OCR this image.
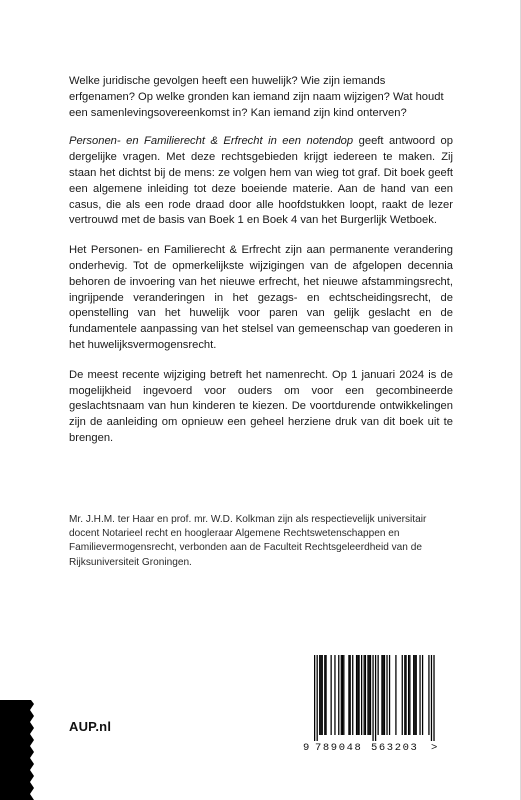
Welke juridische gevolgen heeft een huwelijk? Wie zijn iemands erfgenamen? Op welke gronden kan iemand zijn naam wijzigen? Wat houdt een samenlevingsovereenkomst in? Kan iemand zijn kind onterven?

Personen- en Familierecht & Erfrecht in een notendop geeft antwoord op dergelijke vragen. Met deze rechtsgebieden krijgt iedereen te maken. Zij staan het dichtst bij de mens: ze volgen hem van wieg tot graf. Dit boek geeft een algemene inleiding tot deze boeiende materie. Aan de hand van een casus, die als een rode draad door alle hoofdstukken loopt, raakt de lezer vertrouwd met de basis van Boek 1 en Boek 4 van het Burgerlijk Wetboek.

Het Personen- en Familierecht & Erfrecht zijn aan permanente verandering onderhevig. Tot de opmerkelijkste wijzigingen van de afgelopen decennia behoren de invoering van het nieuwe erfrecht, het nieuwe afstammingsrecht, ingrijpende veranderingen in het gezags- en echtscheidingsrecht, de openstelling van het huwelijk voor paren van gelijk geslacht en de fundamentele aanpassing van het stelsel van gemeenschap van goederen in het huwelijksvermogensrecht.

De meest recente wijziging betreft het namenrecht. Op 1 januari 2024 is de mogelijkheid ingevoerd voor ouders om voor een gecombineerde geslachtsnaam van hun kinderen te kiezen. De voortdurende ontwikkelingen zijn de aanleiding om opnieuw een geheel herziene druk van dit boek uit te brengen.

Mr. J.H.M. ter Haar en prof. mr. W.D. Kolkman zijn als respectievelijk universitair docent Notarieel recht en hoogleraar Algemene Rechtswetenschappen en Familievermogensrecht, verbonden aan de Faculteit Rechtsgeleerdheid van de Rijksuniversiteit Groningen.
AUP.nl
9 789048 563203 >
